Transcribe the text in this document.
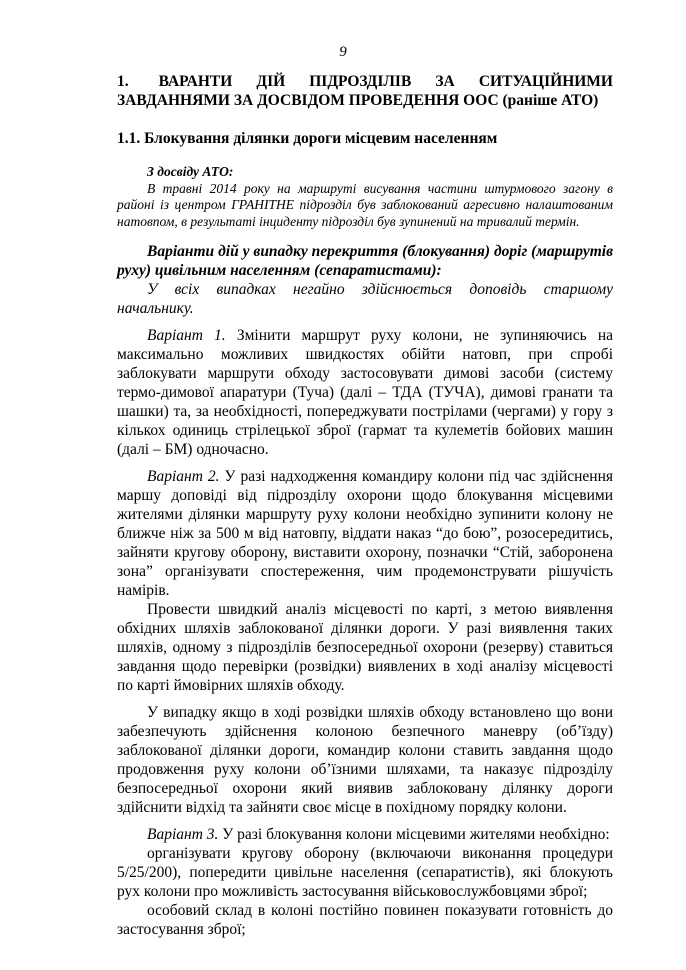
9
1. ВАРАНТИ ДІЙ ПІДРОЗДІЛІВ ЗА СИТУАЦІЙНИМИ ЗАВДАННЯМИ ЗА ДОСВІДОМ ПРОВЕДЕННЯ ООС (раніше АТО)
1.1. Блокування ділянки дороги місцевим населенням
З досвіду АТО:
В травні 2014 року на маршруті висування частини штурмового загону в районі із центром ГРАНІТНЕ підрозділ був заблокований агресивно налаштованим натовпом, в результаті інциденту підрозділ був зупинений на тривалий термін.
Варіанти дій у випадку перекриття (блокування) доріг (маршрутів руху) цивільним населенням (сепаратистами):

У всіх випадках негайно здійснюється доповідь старшому начальнику.

Варіант 1. Змінити маршрут руху колони, не зупиняючись на максимально можливих швидкостях обійти натовп, при спробі заблокувати маршрути обходу застосовувати димові засоби (систему термо-димової апаратури (Туча) (далі – ТДА (ТУЧА), димові гранати та шашки) та, за необхідності, попереджувати пострілами (чергами) у гору з кількох одиниць стрілецької зброї (гармат та кулеметів бойових машин (далі – БМ) одночасно.

Варіант 2. У разі надходження командиру колони під час здійснення маршу доповіді від підрозділу охорони щодо блокування місцевими жителями ділянки маршруту руху колони необхідно зупинити колону не ближче ніж за 500 м від натовпу, віддати наказ “до бою”, розосередитись, зайняти кругову оборону, виставити охорону, позначки “Стій, заборонена зона” організувати спостереження, чим продемонструвати рішучість намірів.

Провести швидкий аналіз місцевості по карті, з метою виявлення обхідних шляхів заблокованої ділянки дороги. У разі виявлення таких шляхів, одному з підрозділів безпосередньої охорони (резерву) ставиться завдання щодо перевірки (розвідки) виявлених в ході аналізу місцевості по карті ймовірних шляхів обходу.

У випадку якщо в ході розвідки шляхів обходу встановлено що вони забезпечують здійснення колоною безпечного маневру (об’їзду) заблокованої ділянки дороги, командир колони ставить завдання щодо продовження руху колони об’їзними шляхами, та наказує підрозділу безпосередньої охорони який виявив заблоковану ділянку дороги здійснити відхід та зайняти своє місце в похідному порядку колони.

Варіант 3. У разі блокування колони місцевими жителями необхідно:

організувати кругову оборону (включаючи виконання процедури 5/25/200), попередити цивільне населення (сепаратистів), які блокують рух колони про можливість застосування військовослужбовцями зброї;

особовий склад в колоні постійно повинен показувати готовність до застосування зброї;
